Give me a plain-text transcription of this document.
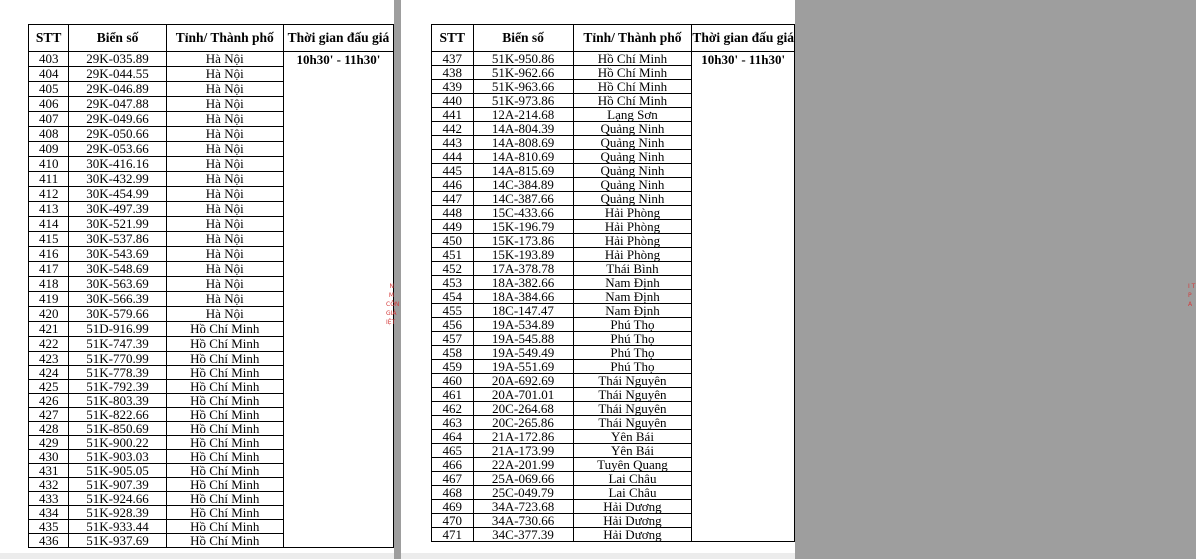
STT	Biển số	Tỉnh/ Thành phố	Thời gian đấu giá
403	29K-035.89	Hà Nội	10h30' - 11h30'
404	29K-044.55	Hà Nội	
405	29K-046.89	Hà Nội	
406	29K-047.88	Hà Nội	
407	29K-049.66	Hà Nội	
408	29K-050.66	Hà Nội	
409	29K-053.66	Hà Nội	
410	30K-416.16	Hà Nội	
411	30K-432.99	Hà Nội	
412	30K-454.99	Hà Nội	
413	30K-497.39	Hà Nội	
414	30K-521.99	Hà Nội	
415	30K-537.86	Hà Nội	
416	30K-543.69	Hà Nội	
417	30K-548.69	Hà Nội	
418	30K-563.69	Hà Nội	
419	30K-566.39	Hà Nội	
420	30K-579.66	Hà Nội	
421	51D-916.99	Hồ Chí Minh	
422	51K-747.39	Hồ Chí Minh	
423	51K-770.99	Hồ Chí Minh	
424	51K-778.39	Hồ Chí Minh	
425	51K-792.39	Hồ Chí Minh	
426	51K-803.39	Hồ Chí Minh	
427	51K-822.66	Hồ Chí Minh	
428	51K-850.69	Hồ Chí Minh	
429	51K-900.22	Hồ Chí Minh	
430	51K-903.03	Hồ Chí Minh	
431	51K-905.05	Hồ Chí Minh	
432	51K-907.39	Hồ Chí Minh	
433	51K-924.66	Hồ Chí Minh	
434	51K-928.39	Hồ Chí Minh	
435	51K-933.44	Hồ Chí Minh	
436	51K-937.69	Hồ Chí Minh	
N M CÔN GIÁ IỆT
STT	Biển số	Tỉnh/ Thành phố	Thời gian đấu giá
437	51K-950.86	Hồ Chí Minh	10h30' - 11h30'
438	51K-962.66	Hồ Chí Minh	
439	51K-963.66	Hồ Chí Minh	
440	51K-973.86	Hồ Chí Minh	
441	12A-214.68	Lạng Sơn	
442	14A-804.39	Quảng Ninh	
443	14A-808.69	Quảng Ninh	
444	14A-810.69	Quảng Ninh	
445	14A-815.69	Quảng Ninh	
446	14C-384.89	Quảng Ninh	
447	14C-387.66	Quảng Ninh	
448	15C-433.66	Hải Phòng	
449	15K-196.79	Hải Phòng	
450	15K-173.86	Hải Phòng	
451	15K-193.89	Hải Phòng	
452	17A-378.78	Thái Bình	
453	18A-382.66	Nam Định	
454	18A-384.66	Nam Định	
455	18C-147.47	Nam Định	
456	19A-534.89	Phú Thọ	
457	19A-545.88	Phú Thọ	
458	19A-549.49	Phú Thọ	
459	19A-551.69	Phú Thọ	
460	20A-692.69	Thái Nguyên	
461	20A-701.01	Thái Nguyên	
462	20C-264.68	Thái Nguyên	
463	20C-265.86	Thái Nguyên	
464	21A-172.86	Yên Bái	
465	21A-173.99	Yên Bái	
466	22A-201.99	Tuyên Quang	
467	25A-069.66	Lai Châu	
468	25C-049.79	Lai Châu	
469	34A-723.68	Hải Dương	
470	34A-730.66	Hải Dương	
471	34C-377.39	Hải Dương	
I T P A
